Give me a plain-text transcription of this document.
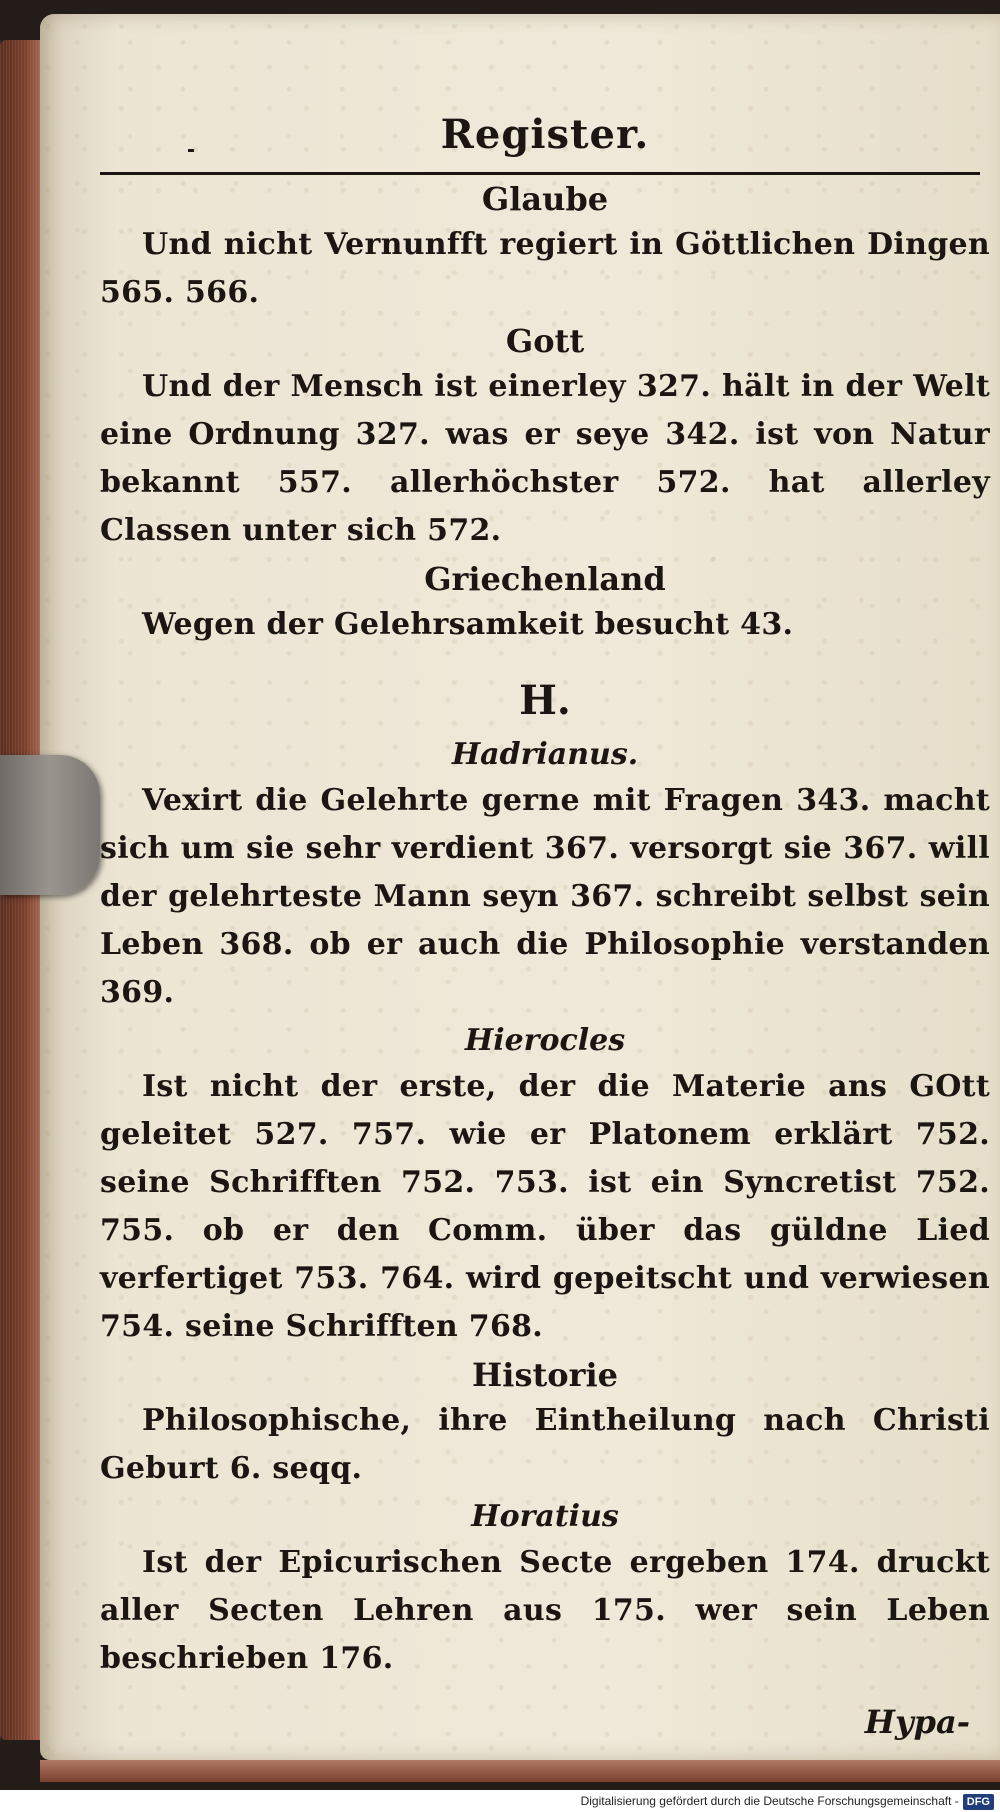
Register.
Glaube
Und nicht Vernunfft regiert in Göttlichen Dingen 565. 566.
Gott
Und der Mensch ist einerley 327. hält in der Welt eine Ordnung 327. was er seye 342. ist von Natur bekannt 557. allerhöchster 572. hat allerley Classen unter sich 572.
Griechenland
Wegen der Gelehrsamkeit besucht 43.
H.
Hadrianus.
Vexirt die Gelehrte gerne mit Fragen 343. macht sich um sie sehr verdient 367. versorgt sie 367. will der gelehrteste Mann seyn 367. schreibt selbst sein Leben 368. ob er auch die Philosophie verstanden 369.
Hierocles
Ist nicht der erste, der die Materie ans GOtt geleitet 527. 757. wie er Platonem erklärt 752. seine Schrifften 752. 753. ist ein Syncretist 752. 755. ob er den Comm. über das güldne Lied verfertiget 753. 764. wird gepeitscht und verwiesen 754. seine Schrifften 768.
Historie
Philosophische, ihre Eintheilung nach Christi Geburt 6. seqq.
Horatius
Ist der Epicurischen Secte ergeben 174. druckt aller Secten Lehren aus 175. wer sein Leben beschrieben 176.
Hypa-
Digitalisierung gefördert durch die Deutsche Forschungsgemeinschaft - DFG
